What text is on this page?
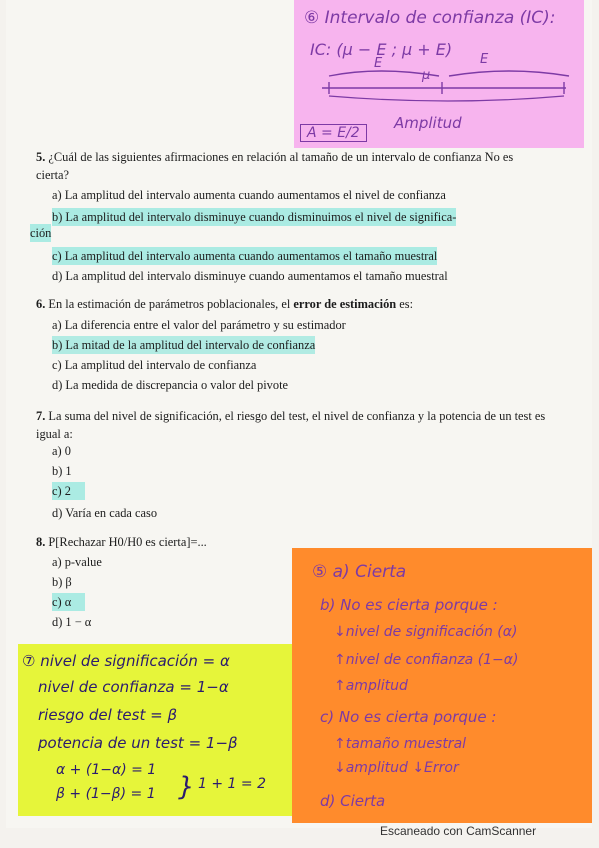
⑥ Intervalo de confianza (IC):
IC: (μ − E ; μ + E)
E	E
μ
Amplitud
A = E/2

5. ¿Cuál de las siguientes afirmaciones en relación al tamaño de un intervalo de confianza No es cierta?

a) La amplitud del intervalo aumenta cuando aumentamos el nivel de confianza
b) La amplitud del intervalo disminuye cuando disminuimos el nivel de significa-
ción
c) La amplitud del intervalo aumenta cuando aumentamos el tamaño muestral
d) La amplitud del intervalo disminuye cuando aumentamos el tamaño muestral

6. En la estimación de parámetros poblacionales, el error de estimación es:

a) La diferencia entre el valor del parámetro y su estimador
b) La mitad de la amplitud del intervalo de confianza
c) La amplitud del intervalo de confianza
d) La medida de discrepancia o valor del pivote

7. La suma del nivel de significación, el riesgo del test, el nivel de confianza y la potencia de un test es igual a:

a) 0
b) 1
c) 2
d) Varía en cada caso

8. P[Rechazar H0/H0 es cierta]=...

a) p-value
b) β
c) α
d) 1 − α
⑤ a) Cierta
b) No es cierta porque :
↓nivel de significación (α)
↑nivel de confianza (1−α)
↑amplitud
c) No es cierta porque :
↑tamaño muestral
↓amplitud ↓Error
d) Cierta
⑦ nivel de significación = α
nivel de confianza = 1−α
riesgo del test = β
potencia de un test = 1−β
α + (1−α) = 1
β + (1−β) = 1 } 1 + 1 = 2
Escaneado con CamScanner
